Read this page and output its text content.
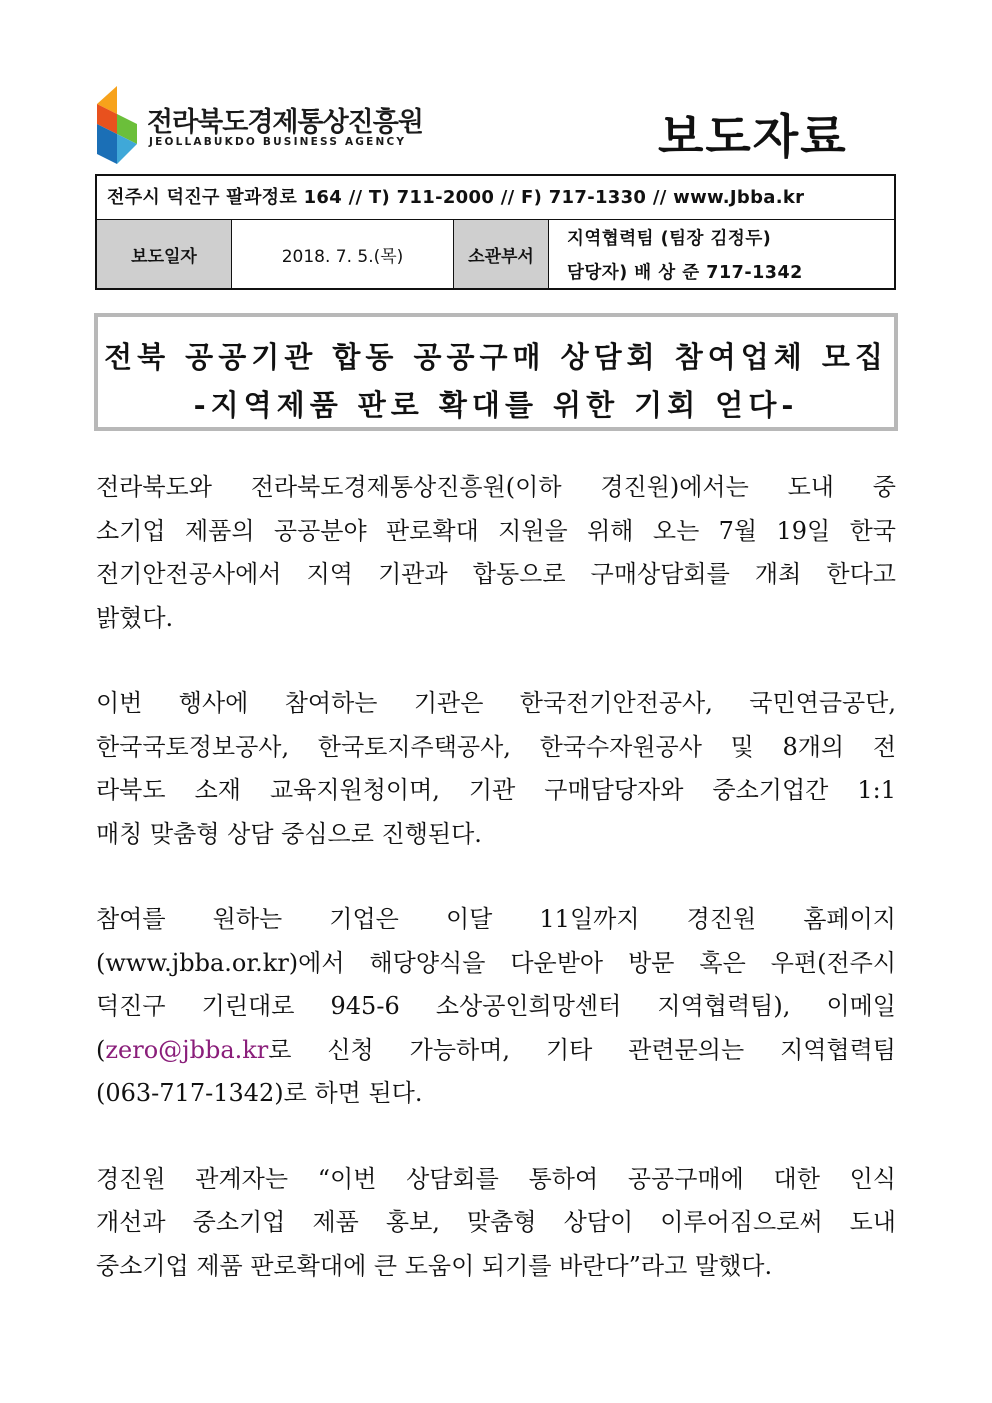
전라북도경제통상진흥원
JEOLLABUKDO BUSINESS AGENCY	보도자료
전주시 덕진구 팔과정로 164 // T) 711-2000 // F) 717-1330 // www.Jbba.kr
보도일자	2018. 7. 5.(목)	소관부서
지역협력팀 (팀장 김정두)
담당자) 배 상 준 717-1342
전북 공공기관 합동 공공구매 상담회 참여업체 모집
-지역제품 판로 확대를 위한 기회 얻다-
전라북도와 전라북도경제통상진흥원(이하 경진원)에서는 도내 중
소기업 제품의 공공분야 판로확대 지원을 위해 오는 7월 19일 한국
전기안전공사에서 지역 기관과 합동으로 구매상담회를 개최 한다고
밝혔다.
이번 행사에 참여하는 기관은 한국전기안전공사, 국민연금공단,
한국국토정보공사, 한국토지주택공사, 한국수자원공사 및 8개의 전
라북도 소재 교육지원청이며, 기관 구매담당자와 중소기업간 1:1
매칭 맞춤형 상담 중심으로 진행된다.
참여를 원하는 기업은 이달 11일까지 경진원 홈페이지
(www.jbba.or.kr)에서 해당양식을 다운받아 방문 혹은 우편(전주시
덕진구 기린대로 945-6 소상공인희망센터 지역협력팀), 이메일
(zero@jbba.kr로 신청 가능하며, 기타 관련문의는 지역협력팀
(063-717-1342)로 하면 된다.
경진원 관계자는 “이번 상담회를 통하여 공공구매에 대한 인식
개선과 중소기업 제품 홍보, 맞춤형 상담이 이루어짐으로써 도내
중소기업 제품 판로확대에 큰 도움이 되기를 바란다”라고 말했다.
